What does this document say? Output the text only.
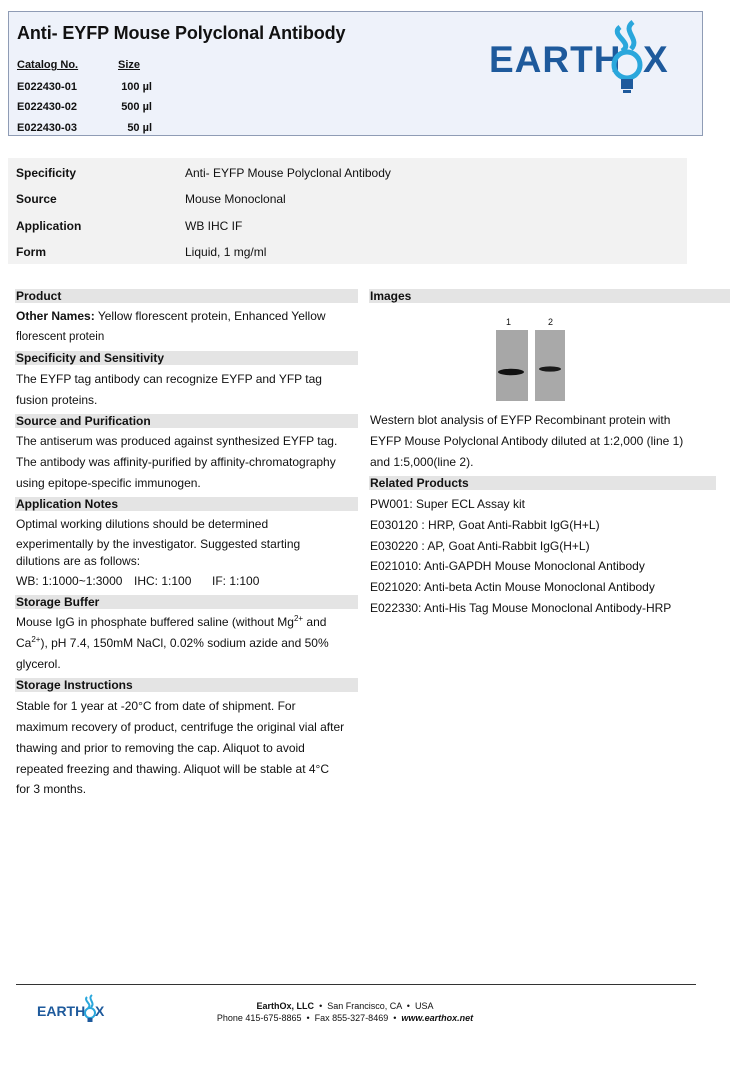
Anti- EYFP Mouse Polyclonal Antibody
Catalog No.	Size
E022430-01	100 µl
E022430-02	500 µl
E022430-03	50 µl
EARTH X
Specificity	Anti- EYFP Mouse Polyclonal Antibody
Source	Mouse Monoclonal
Application	WB IHC IF
Form	Liquid, 1 mg/ml
Product
Other Names: Yellow florescent protein, Enhanced Yellow
florescent protein
Specificity and Sensitivity
The EYFP tag antibody can recognize EYFP and YFP tag
fusion proteins.
Source and Purification
The antiserum was produced against synthesized EYFP tag.
The antibody was affinity-purified by affinity-chromatography
using epitope-specific immunogen.
Application Notes
Optimal working dilutions should be determined
experimentally by the investigator. Suggested starting
dilutions are as follows:
WB: 1:1000~1:3000 IHC: 1:100 IF: 1:100
Storage Buffer
Mouse IgG in phosphate buffered saline (without $Mg^{2+}$ and
$Ca^{2+}$), pH 7.4, 150mM NaCl, 0.02% sodium azide and 50%
glycerol.
Storage Instructions
Stable for 1 year at -20°C from date of shipment. For
maximum recovery of product, centrifuge the original vial after
thawing and prior to removing the cap. Aliquot to avoid
repeated freezing and thawing. Aliquot will be stable at 4°C
for 3 months.
Images
1	2
Western blot analysis of EYFP Recombinant protein with
EYFP Mouse Polyclonal Antibody diluted at 1:2,000 (line 1)
and 1:5,000(line 2).
Related Products
PW001: Super ECL Assay kit
E030120 : HRP, Goat Anti-Rabbit IgG(H+L)
E030220 : AP, Goat Anti-Rabbit IgG(H+L)
E021010: Anti-GAPDH Mouse Monoclonal Antibody
E021020: Anti-beta Actin Mouse Monoclonal Antibody
E022330: Anti-His Tag Mouse Monoclonal Antibody-HRP
EARTH X	EarthOx, LLC • San Francisco, CA • USA
Phone 415-675-8865 • Fax 855-327-8469 • www.earthox.net
